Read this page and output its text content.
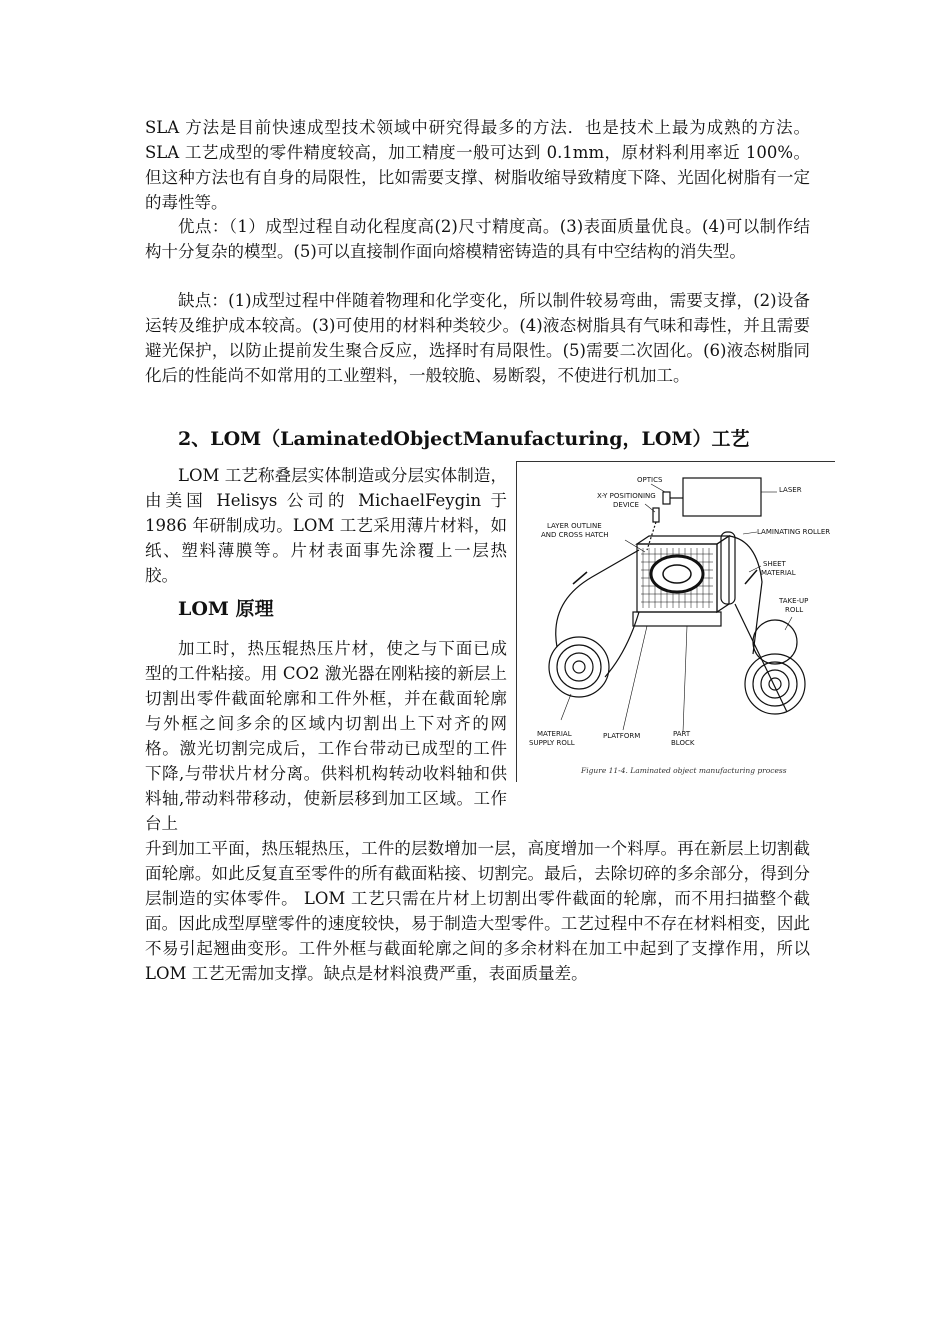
SLA 方法是目前快速成型技术领域中研究得最多的方法．也是技术上最为成熟的方法。SLA 工艺成型的零件精度较高，加工精度一般可达到 0.1mm，原材料利用率近 100%。但这种方法也有自身的局限性，比如需要支撑、树脂收缩导致精度下降、光固化树脂有一定的毒性等。

优点：（1）成型过程自动化程度高(2)尺寸精度高。(3)表面质量优良。(4)可以制作结构十分复杂的模型。(5)可以直接制作面向熔模精密铸造的具有中空结构的消失型。

缺点：(1)成型过程中伴随着物理和化学变化，所以制件较易弯曲，需要支撑，(2)设备运转及维护成本较高。(3)可使用的材料种类较少。(4)液态树脂具有气味和毒性，并且需要避光保护，以防止提前发生聚合反应，选择时有局限性。(5)需要二次固化。(6)液态树脂同化后的性能尚不如常用的工业塑料，一般较脆、易断裂，不使进行机加工。

2、LOM（LaminatedObjectManufacturing，LOM）工艺

LOM 工艺称叠层实体制造或分层实体制造，由美国 Helisys 公司的 MichaelFeygin 于 1986 年研制成功。LOM 工艺采用薄片材料，如纸、塑料薄膜等。片材表面事先涂覆上一层热胶。

LOM 原理

加工时，热压辊热压片材，使之与下面已成型的工件粘接。用 CO2 激光器在刚粘接的新层上切割出零件截面轮廓和工件外框，并在截面轮廓与外框之间多余的区域内切割出上下对齐的网格。激光切割完成后，工作台带动已成型的工件下降,与带状片材分离。供料机构转动收料轴和供料轴,带动料带移动，使新层移到加工区域。工作台上

升到加工平面，热压辊热压，工件的层数增加一层，高度增加一个料厚。再在新层上切割截面轮廓。如此反复直至零件的所有截面粘接、切割完。最后，去除切碎的多余部分，得到分层制造的实体零件。 LOM 工艺只需在片材上切割出零件截面的轮廓，而不用扫描整个截面。因此成型厚壁零件的速度较快，易于制造大型零件。工艺过程中不存在材料相变，因此不易引起翘曲变形。工件外框与截面轮廓之间的多余材料在加工中起到了支撑作用，所以 LOM 工艺无需加支撑。缺点是材料浪费严重，表面质量差。

OPTICS
X-Y POSITIONING
DEVICE
LASER
LAYER OUTLINE
AND CROSS HATCH	LAMINATING ROLLER
SHEET
MATERIAL
TAKE-UP
ROLL
MATERIAL
SUPPLY ROLL
PLATFORM	PART
BLOCK
Figure 11-4. Laminated object manufacturing process
